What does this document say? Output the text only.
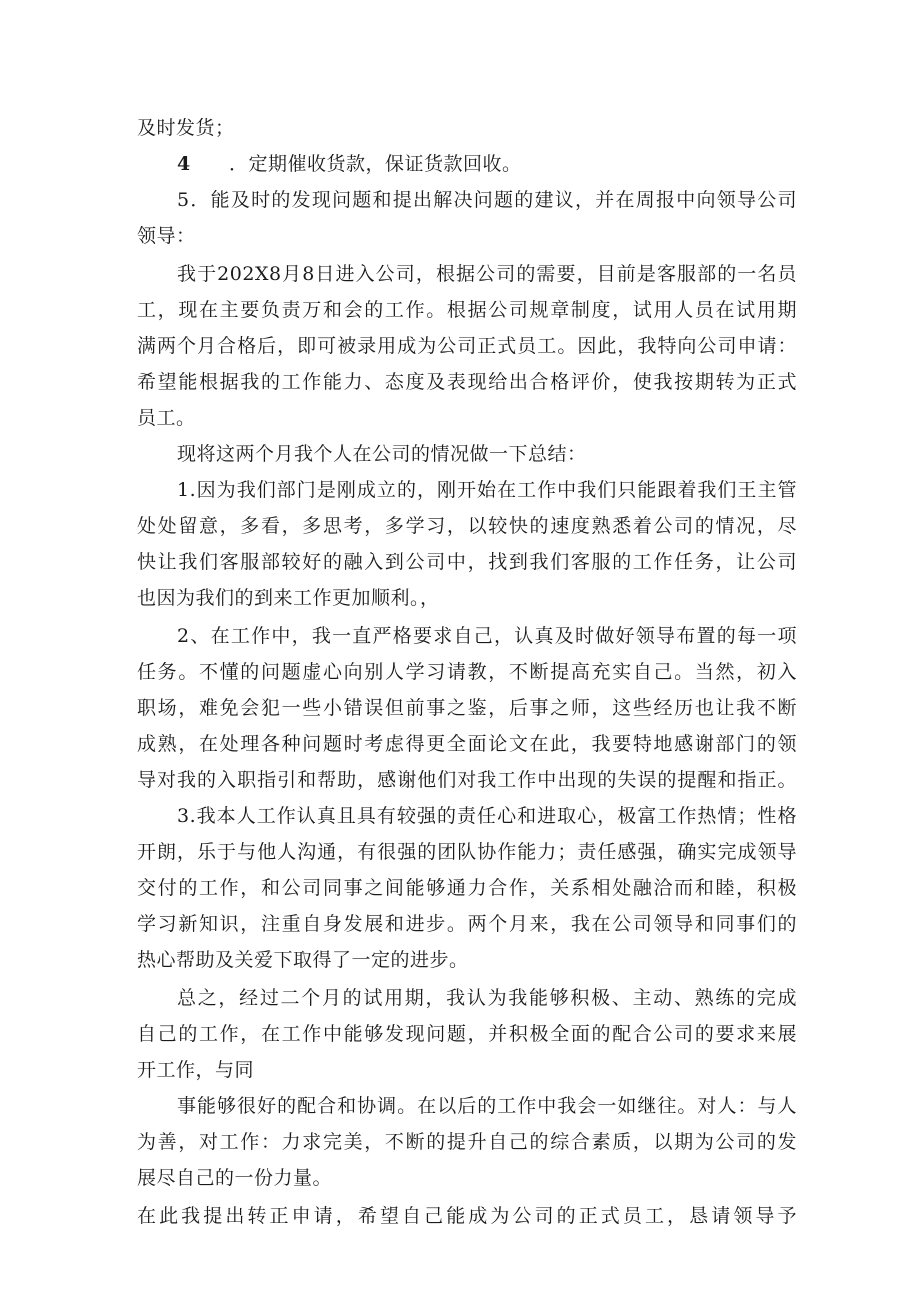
及时发货；
4 ．定期催收货款，保证货款回收。
5．能及时的发现问题和提出解决问题的建议，并在周报中向领导公司
领导：
我于202X8月8日进入公司，根据公司的需要，目前是客服部的一名员
工，现在主要负责万和会的工作。根据公司规章制度，试用人员在试用期
满两个月合格后，即可被录用成为公司正式员工。因此，我特向公司申请：
希望能根据我的工作能力、态度及表现给出合格评价，使我按期转为正式
员工。
现将这两个月我个人在公司的情况做一下总结：
1.因为我们部门是刚成立的，刚开始在工作中我们只能跟着我们王主管
处处留意，多看，多思考，多学习，以较快的速度熟悉着公司的情况，尽
快让我们客服部较好的融入到公司中，找到我们客服的工作任务，让公司
也因为我们的到来工作更加顺利。，
2、在工作中，我一直严格要求自己，认真及时做好领导布置的每一项
任务。不懂的问题虚心向别人学习请教，不断提高充实自己。当然，初入
职场，难免会犯一些小错误但前事之鉴，后事之师，这些经历也让我不断
成熟，在处理各种问题时考虑得更全面论文在此，我要特地感谢部门的领
导对我的入职指引和帮助，感谢他们对我工作中出现的失误的提醒和指正。
3.我本人工作认真且具有较强的责任心和进取心，极富工作热情；性格
开朗，乐于与他人沟通，有很强的团队协作能力；责任感强，确实完成领导
交付的工作，和公司同事之间能够通力合作，关系相处融洽而和睦，积极
学习新知识，注重自身发展和进步。两个月来，我在公司领导和同事们的
热心帮助及关爱下取得了一定的进步。
总之，经过二个月的试用期，我认为我能够积极、主动、熟练的完成
自己的工作，在工作中能够发现问题，并积极全面的配合公司的要求来展
开工作，与同
事能够很好的配合和协调。在以后的工作中我会一如继往。对人：与人
为善，对工作：力求完美，不断的提升自己的综合素质，以期为公司的发
展尽自己的一份力量。
在此我提出转正申请，希望自己能成为公司的正式员工，恳请领导予
